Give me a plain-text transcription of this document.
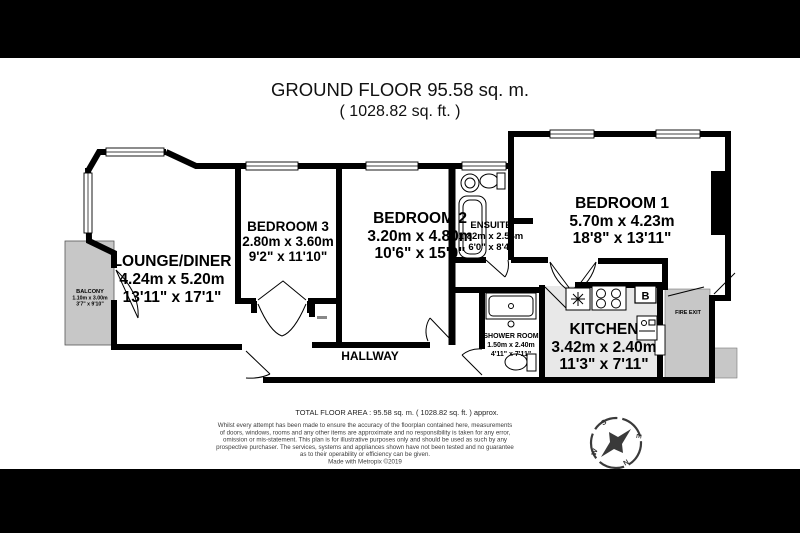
GROUND FLOOR 95.58 sq. m.
( 1028.82 sq. ft. )
BALCONY
1.10m x 3.00m
3'7" x 9'10"
FIRE EXIT
B
LOUNGE/DINER
4.24m x 5.20m
13'11" x 17'1"
BEDROOM 3
2.80m x 3.60m
9'2" x 11'10"
BEDROOM 2
3.20m x 4.80m
10'6" x 15'9"
ENSUITE
1.82m x 2.54m
6'0" x 8'4"
BEDROOM 1
5.70m x 4.23m
18'8" x 13'11"
SHOWER ROOM
1.50m x 2.40m
4'11" x 7'11"
KITCHEN
3.42m x 2.40m
11'3" x 7'11"
HALLWAY
TOTAL FLOOR AREA : 95.58 sq. m. ( 1028.82 sq. ft. ) approx.
Whilst every attempt has been made to ensure the accuracy of the floorplan contained here, measurements
of doors, windows, rooms and any other items are approximate and no responsibility is taken for any error,
omission or mis-statement. This plan is for illustrative purposes only and should be used as such by any
prospective purchaser. The services, systems and appliances shown have not been tested and no guarantee
as to their operability or efficiency can be given.
Made with Metropix ©2019
S
E
N
W
